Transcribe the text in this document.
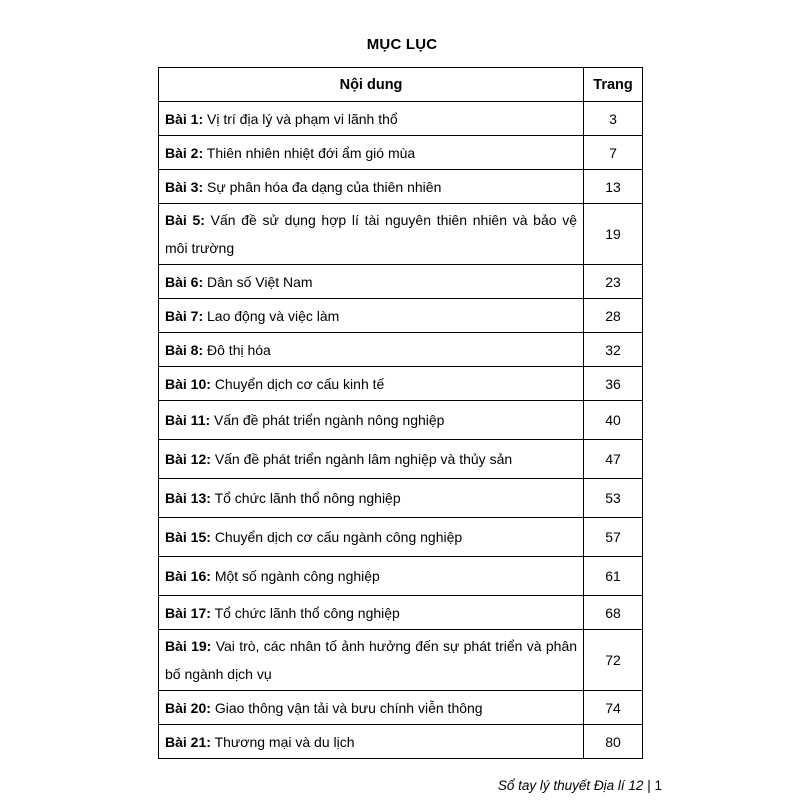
MỤC LỤC
Nội dung	Trang
Bài 1: Vị trí địa lý và phạm vi lãnh thổ	3
Bài 2: Thiên nhiên nhiệt đới ẩm gió mùa	7
Bài 3: Sự phân hóa đa dạng của thiên nhiên	13
Bài 5: Vấn đề sử dụng hợp lí tài nguyên thiên nhiên và bảo vệ môi trường	19
Bài 6: Dân số Việt Nam	23
Bài 7: Lao động và việc làm	28
Bài 8: Đô thị hóa	32
Bài 10: Chuyển dịch cơ cấu kinh tế	36
Bài 11: Vấn đề phát triển ngành nông nghiệp	40
Bài 12: Vấn đề phát triển ngành lâm nghiệp và thủy sản	47
Bài 13: Tổ chức lãnh thổ nông nghiệp	53
Bài 15: Chuyển dịch cơ cấu ngành công nghiệp	57
Bài 16: Một số ngành công nghiệp	61
Bài 17: Tổ chức lãnh thổ công nghiệp	68
Bài 19: Vai trò, các nhân tố ảnh hưởng đến sự phát triển và phân bố ngành dịch vụ	72
Bài 20: Giao thông vận tải và bưu chính viễn thông	74
Bài 21: Thương mại và du lịch	80
Sổ tay lý thuyết Địa lí 12 | 1
